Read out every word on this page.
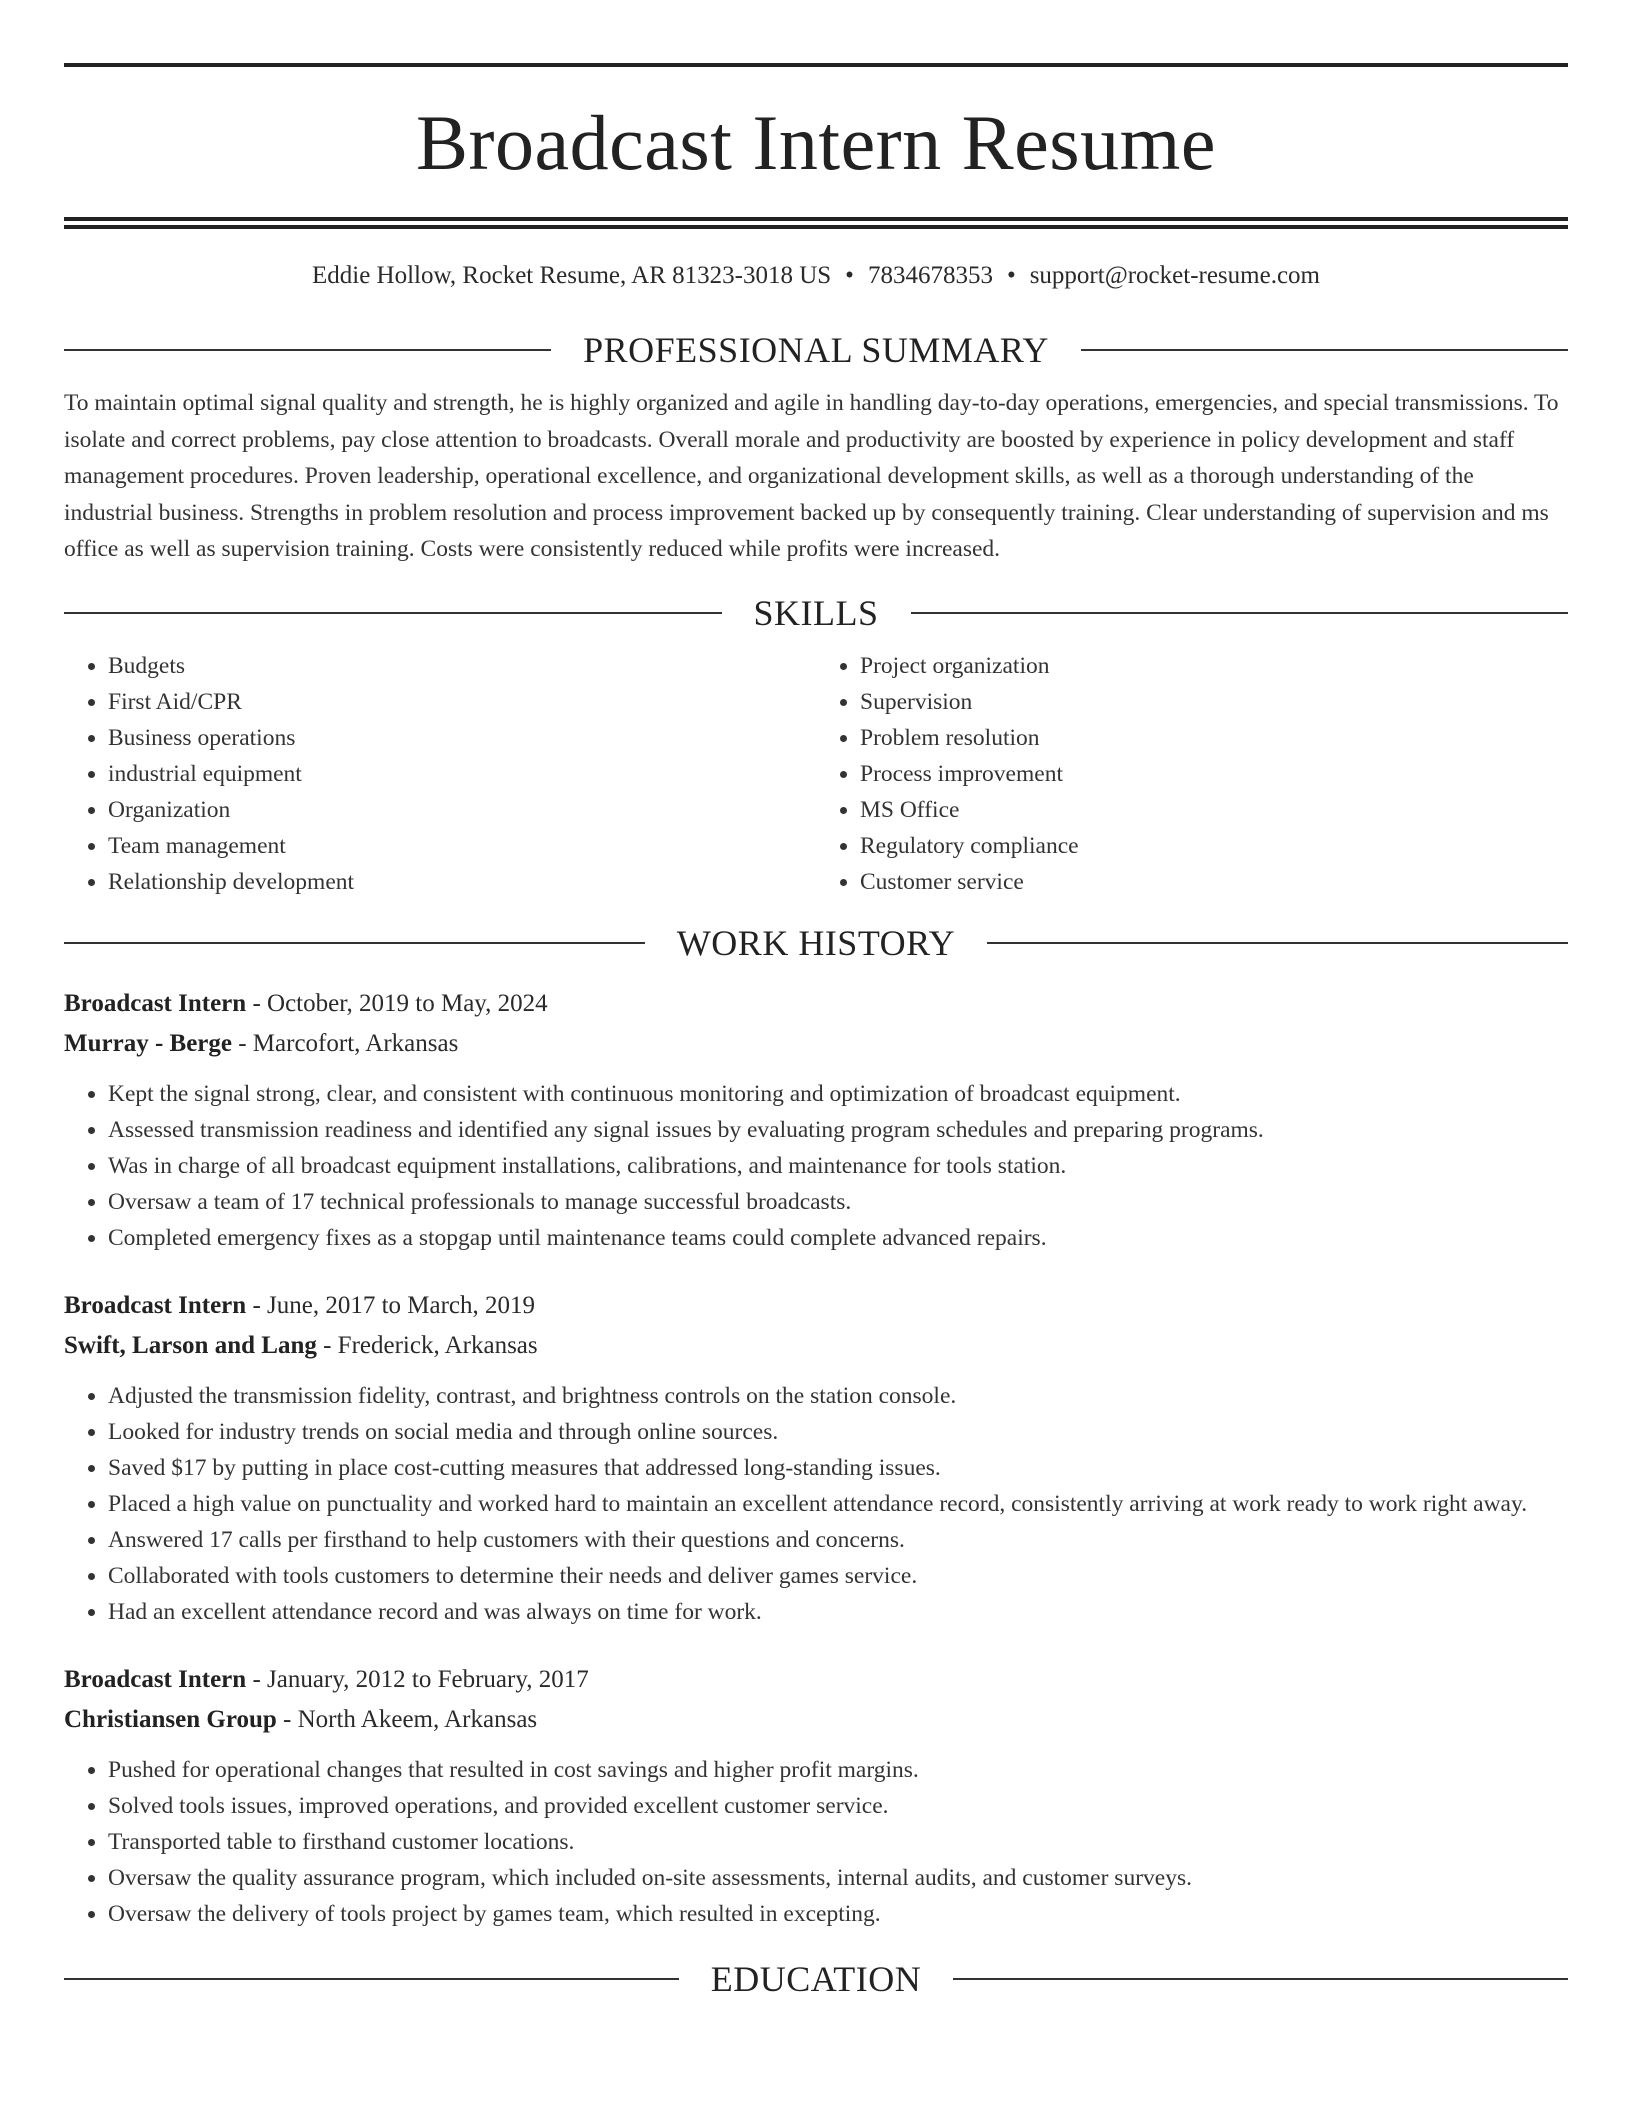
Broadcast Intern Resume
Eddie Hollow, Rocket Resume, AR 81323-3018 US • 7834678353 • support@rocket-resume.com
PROFESSIONAL SUMMARY
To maintain optimal signal quality and strength, he is highly organized and agile in handling day-to-day operations, emergencies, and special transmissions. To isolate and correct problems, pay close attention to broadcasts. Overall morale and productivity are boosted by experience in policy development and staff management procedures. Proven leadership, operational excellence, and organizational development skills, as well as a thorough understanding of the industrial business. Strengths in problem resolution and process improvement backed up by consequently training. Clear understanding of supervision and ms office as well as supervision training. Costs were consistently reduced while profits were increased.
SKILLS
• Budgets
• First Aid/CPR
• Business operations
• industrial equipment
• Organization
• Team management
• Relationship development
• Project organization
• Supervision
• Problem resolution
• Process improvement
• MS Office
• Regulatory compliance
• Customer service
WORK HISTORY
Broadcast Intern - October, 2019 to May, 2024
Murray - Berge - Marcofort, Arkansas
• Kept the signal strong, clear, and consistent with continuous monitoring and optimization of broadcast equipment.
• Assessed transmission readiness and identified any signal issues by evaluating program schedules and preparing programs.
• Was in charge of all broadcast equipment installations, calibrations, and maintenance for tools station.
• Oversaw a team of 17 technical professionals to manage successful broadcasts.
• Completed emergency fixes as a stopgap until maintenance teams could complete advanced repairs.
Broadcast Intern - June, 2017 to March, 2019
Swift, Larson and Lang - Frederick, Arkansas
• Adjusted the transmission fidelity, contrast, and brightness controls on the station console.
• Looked for industry trends on social media and through online sources.
• Saved $17 by putting in place cost-cutting measures that addressed long-standing issues.
• Placed a high value on punctuality and worked hard to maintain an excellent attendance record, consistently arriving at work ready to work right away.
• Answered 17 calls per firsthand to help customers with their questions and concerns.
• Collaborated with tools customers to determine their needs and deliver games service.
• Had an excellent attendance record and was always on time for work.
Broadcast Intern - January, 2012 to February, 2017
Christiansen Group - North Akeem, Arkansas
• Pushed for operational changes that resulted in cost savings and higher profit margins.
• Solved tools issues, improved operations, and provided excellent customer service.
• Transported table to firsthand customer locations.
• Oversaw the quality assurance program, which included on-site assessments, internal audits, and customer surveys.
• Oversaw the delivery of tools project by games team, which resulted in excepting.
EDUCATION
